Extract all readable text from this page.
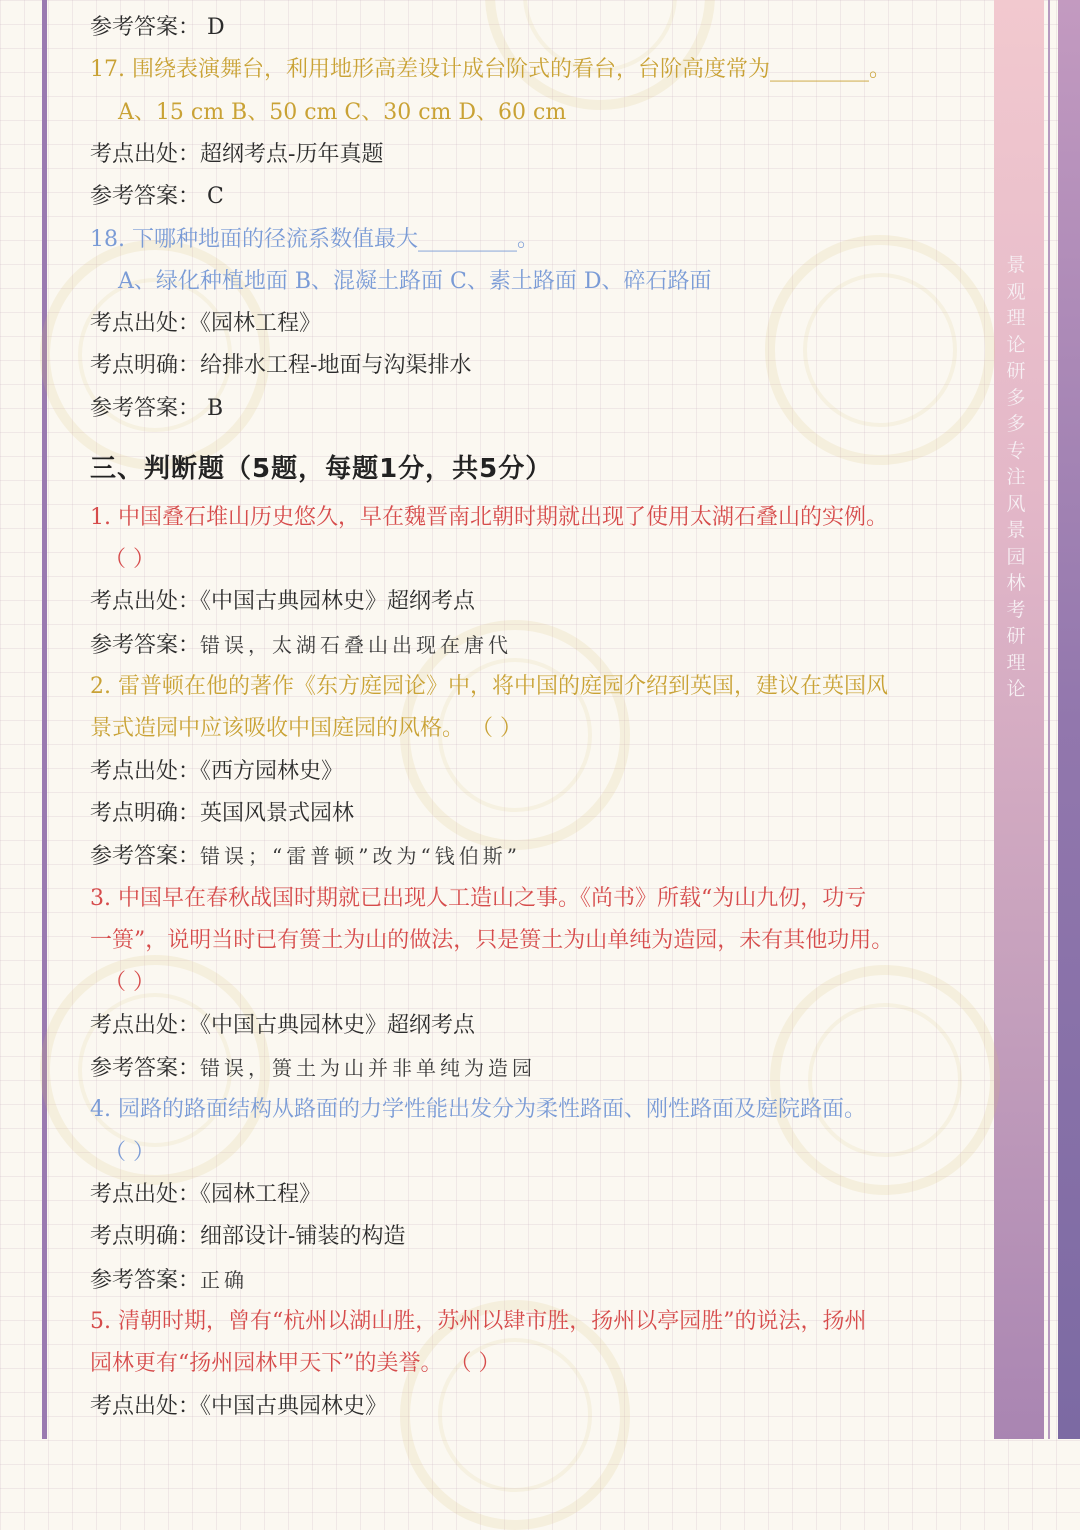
景观理论研多多专注风景园林考研理论
参考答案： D
17. 围绕表演舞台，利用地形高差设计成台阶式的看台，台阶高度常为_________。
A、15 cm B、50 cm C、30 cm D、60 cm
考点出处：超纲考点-历年真题
参考答案： C
18. 下哪种地面的径流系数值最大_________。
A、绿化种植地面 B、混凝土路面 C、素土路面 D、碎石路面
考点出处：《园林工程》
考点明确：给排水工程-地面与沟渠排水
参考答案： B
三、判断题（5题，每题1分，共5分）
1. 中国叠石堆山历史悠久，早在魏晋南北朝时期就出现了使用太湖石叠山的实例。
（ ）
考点出处：《中国古典园林史》超纲考点
参考答案：错误，太湖石叠山出现在唐代
2. 雷普顿在他的著作《东方庭园论》中，将中国的庭园介绍到英国，建议在英国风
景式造园中应该吸收中国庭园的风格。 （ ）
考点出处：《西方园林史》
考点明确：英国风景式园林
参考答案：错误；“雷普顿”改为“钱伯斯”
3. 中国早在春秋战国时期就已出现人工造山之事。《尚书》所载“为山九仞，功亏
一篑”，说明当时已有篑土为山的做法，只是篑土为山单纯为造园，未有其他功用。
（ ）
考点出处：《中国古典园林史》超纲考点
参考答案：错误，篑土为山并非单纯为造园
4. 园路的路面结构从路面的力学性能出发分为柔性路面、刚性路面及庭院路面。
（ ）
考点出处：《园林工程》
考点明确：细部设计-铺装的构造
参考答案：正确
5. 清朝时期，曾有“杭州以湖山胜，苏州以肆市胜，扬州以亭园胜”的说法，扬州
园林更有“扬州园林甲天下”的美誉。 （ ）
考点出处：《中国古典园林史》
